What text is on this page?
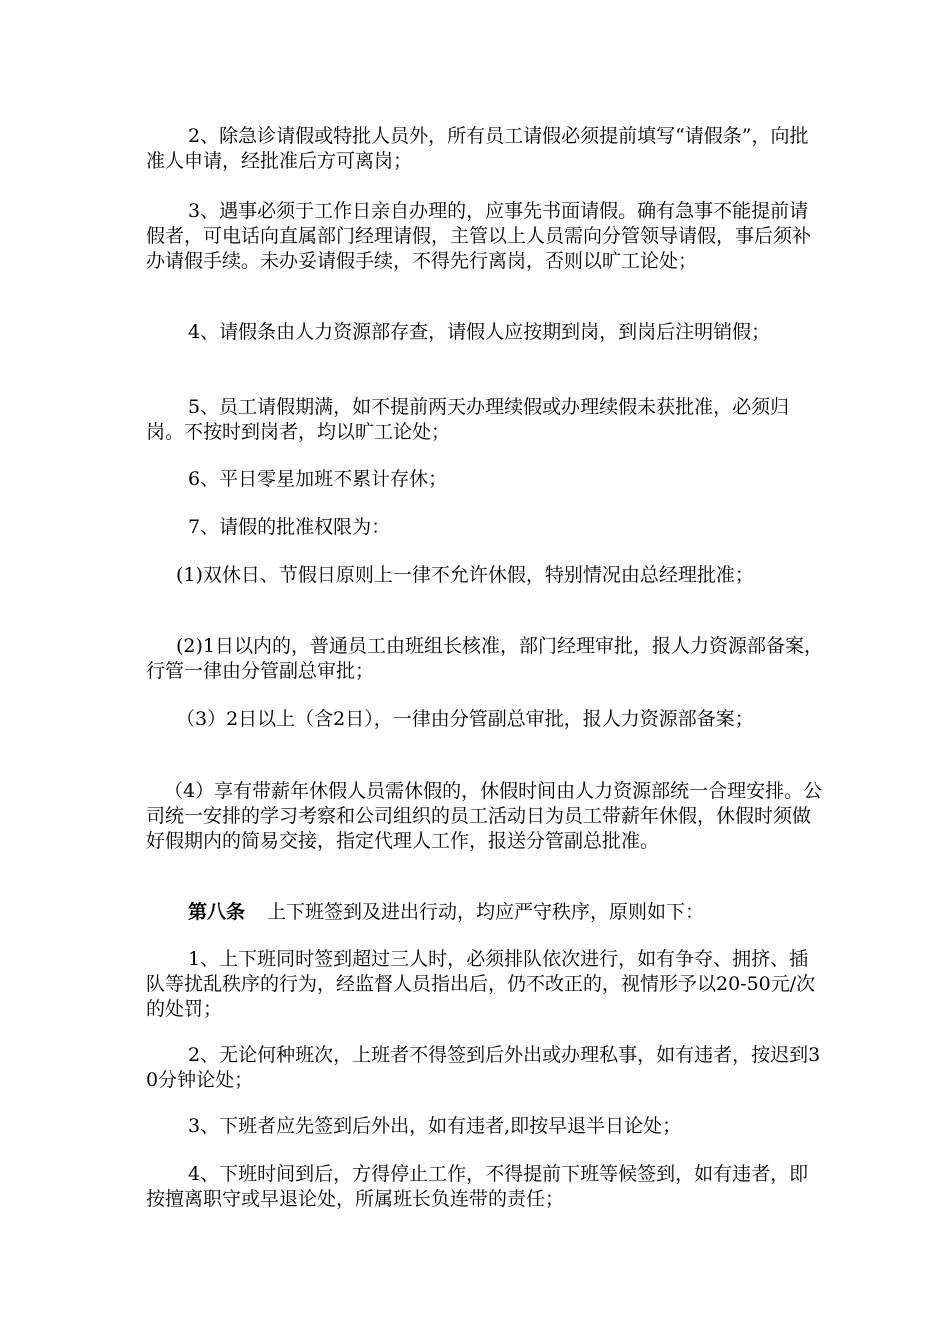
2、除急诊请假或特批人员外，所有员工请假必须提前填写“请假条”，向批准人申请，经批准后方可离岗；
3、遇事必须于工作日亲自办理的，应事先书面请假。确有急事不能提前请假者，可电话向直属部门经理请假，主管以上人员需向分管领导请假，事后须补办请假手续。未办妥请假手续，不得先行离岗，否则以旷工论处；
4、请假条由人力资源部存查，请假人应按期到岗，到岗后注明销假；
5、员工请假期满，如不提前两天办理续假或办理续假未获批准，必须归岗。不按时到岗者，均以旷工论处；
6、平日零星加班不累计存休；
7、请假的批准权限为：
(1)双休日、节假日原则上一律不允许休假，特别情况由总经理批准；
(2)1日以内的，普通员工由班组长核准，部门经理审批，报人力资源部备案，行管一律由分管副总审批；
（3）2日以上（含2日），一律由分管副总审批，报人力资源部备案；
（4）享有带薪年休假人员需休假的，休假时间由人力资源部统一合理安排。公司统一安排的学习考察和公司组织的员工活动日为员工带薪年休假，休假时须做好假期内的简易交接，指定代理人工作，报送分管副总批准。
第八条 上下班签到及进出行动，均应严守秩序，原则如下：
1、上下班同时签到超过三人时，必须排队依次进行，如有争夺、拥挤、插队等扰乱秩序的行为，经监督人员指出后，仍不改正的，视情形予以20-50元/次的处罚；
2、无论何种班次，上班者不得签到后外出或办理私事，如有违者，按迟到30分钟论处；
3、下班者应先签到后外出，如有违者,即按早退半日论处；
4、下班时间到后，方得停止工作，不得提前下班等候签到，如有违者，即按擅离职守或早退论处，所属班长负连带的责任；
